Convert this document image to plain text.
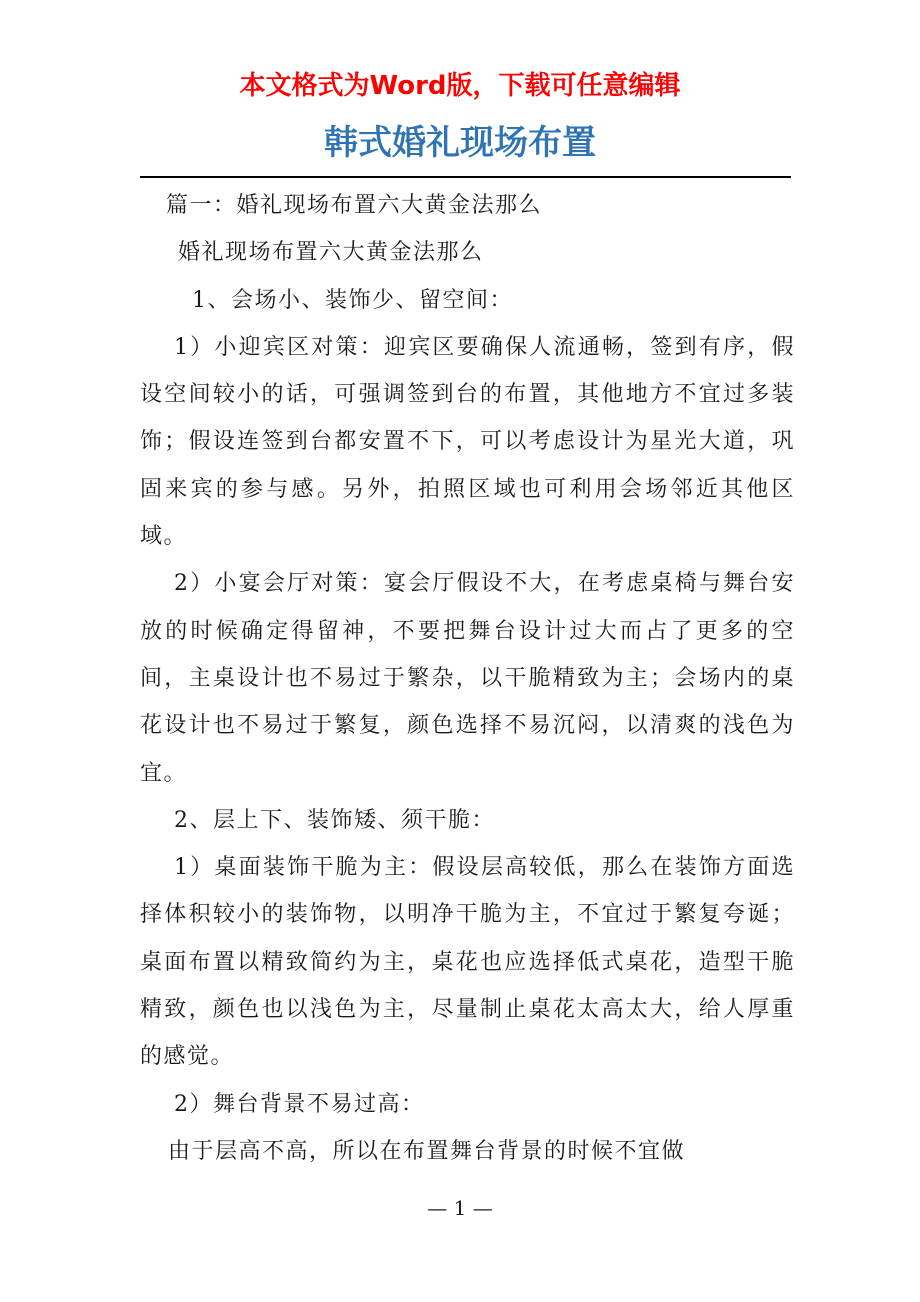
本文格式为Word版，下载可任意编辑
韩式婚礼现场布置

篇一：婚礼现场布置六大黄金法那么

婚礼现场布置六大黄金法那么

1、会场小、装饰少、留空间：

1）小迎宾区对策：迎宾区要确保人流通畅，签到有序，假设空间较小的话，可强调签到台的布置，其他地方不宜过多装饰；假设连签到台都安置不下，可以考虑设计为星光大道，巩固来宾的参与感。另外，拍照区域也可利用会场邻近其他区域。

2）小宴会厅对策：宴会厅假设不大，在考虑桌椅与舞台安放的时候确定得留神，不要把舞台设计过大而占了更多的空间，主桌设计也不易过于繁杂，以干脆精致为主；会场内的桌花设计也不易过于繁复，颜色选择不易沉闷，以清爽的浅色为宜。

2、层上下、装饰矮、须干脆：

1）桌面装饰干脆为主：假设层高较低，那么在装饰方面选择体积较小的装饰物，以明净干脆为主，不宜过于繁复夸诞；桌面布置以精致简约为主，桌花也应选择低式桌花，造型干脆精致，颜色也以浅色为主，尽量制止桌花太高太大，给人厚重的感觉。

2）舞台背景不易过高：

由于层高不高，所以在布置舞台背景的时候不宜做

— 1 —
